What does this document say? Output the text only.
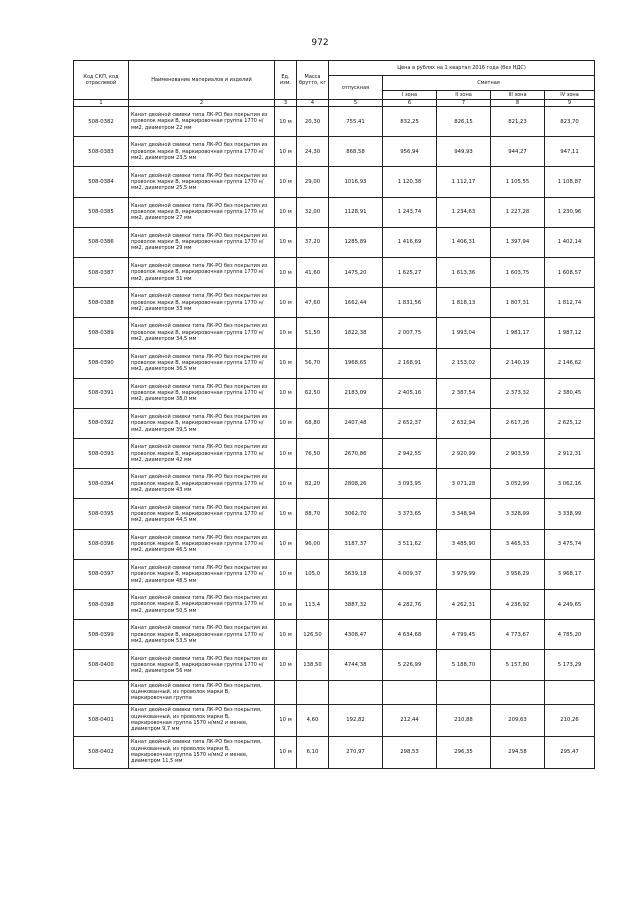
972
Код СКП, код отраслевой	Наименование материалов и изделий	Ед. изм.	Масса брутто, кг	Цена в рублях на 1 квартал 2016 года (без НДС)				
				отпускная	Сметная			
					I зона	II зона	III зона	IV зона
1	2	3	4	5	6	7	8	9
508-0382	Канат двойной свивки типа ЛК-РО без покрытия из проволок марки В, маркировочная группа 1770 н/мм2, диаметром 22 мм	10 м	20,30	755,41	832,25	826,15	821,23	823,70
508-0383	Канат двойной свивки типа ЛК-РО без покрытия из проволок марки В, маркировочная группа 1770 н/мм2, диаметром 23,5 мм	10 м	24,30	868,58	956,94	949,93	944,27	947,11
508-0384	Канат двойной свивки типа ЛК-РО без покрытия из проволок марки В, маркировочная группа 1770 н/мм2, диаметром 25,5 мм	10 м	29,00	1016,93	1 120,38	1 112,17	1 105,55	1 108,87
508-0385	Канат двойной свивки типа ЛК-РО без покрытия из проволок марки В, маркировочная группа 1770 н/мм2, диаметром 27 мм	10 м	32,00	1128,91	1 243,74	1 234,63	1 227,28	1 230,96
508-0386	Канат двойной свивки типа ЛК-РО без покрытия из проволок марки В, маркировочная группа 1770 н/мм2, диаметром 29 мм	10 м	37,20	1285,89	1 416,69	1 406,31	1 397,94	1 402,14
508-0387	Канат двойной свивки типа ЛК-РО без покрытия из проволок марки В, маркировочная группа 1770 н/мм2, диаметром 31 мм	10 м	41,60	1475,20	1 625,27	1 613,36	1 603,75	1 608,57
508-0388	Канат двойной свивки типа ЛК-РО без покрытия из проволок марки В, маркировочная группа 1770 н/мм2, диаметром 33 мм	10 м	47,60	1662,44	1 831,56	1 818,13	1 807,31	1 812,74
508-0389	Канат двойной свивки типа ЛК-РО без покрытия из проволок марки В, маркировочная группа 1770 н/мм2, диаметром 34,5 мм	10 м	51,50	1822,38	2 007,75	1 993,04	1 981,17	1 987,12
508-0390	Канат двойной свивки типа ЛК-РО без покрытия из проволок марки В, маркировочная группа 1770 н/мм2, диаметром 36,5 мм	10 м	56,70	1968,65	2 168,91	2 153,02	2 140,19	2 146,62
508-0391	Канат двойной свивки типа ЛК-РО без покрытия из проволок марки В, маркировочная группа 1770 н/мм2, диаметром 38,0 мм	10 м	62,50	2183,09	2 405,16	2 387,54	2 373,32	2 380,45
508-0392	Канат двойной свивки типа ЛК-РО без покрытия из проволок марки В, маркировочная группа 1770 н/мм2, диаметром 39,5 мм	10 м	68,80	2407,48	2 652,37	2 632,94	2 617,26	2 625,12
508-0393	Канат двойной свивки типа ЛК-РО без покрытия из проволок марки В, маркировочная группа 1770 н/мм2, диаметром 42 мм	10 м	76,50	2670,86	2 942,55	2 920,99	2 903,59	2 912,31
508-0394	Канат двойной свивки типа ЛК-РО без покрытия из проволок марки В, маркировочная группа 1770 н/мм2, диаметром 43 мм	10 м	82,20	2808,26	3 093,95	3 071,28	3 052,99	3 062,16
508-0395	Канат двойной свивки типа ЛК-РО без покрытия из проволок марки В, маркировочная группа 1770 н/мм2, диаметром 44,5 мм	10 м	88,70	3062,70	3 373,65	3 348,94	3 328,99	3 338,99
508-0396	Канат двойной свивки типа ЛК-РО без покрытия из проволок марки В, маркировочная группа 1770 н/мм2, диаметром 46,5 мм	10 м	96,00	3187,37	3 511,62	3 485,90	3 465,33	3 475,74
508-0397	Канат двойной свивки типа ЛК-РО без покрытия из проволок марки В, маркировочная группа 1770 н/мм2, диаметром 48,5 мм	10 м	105,0	3639,18	4 009,37	3 979,99	3 956,29	3 968,17
508-0398	Канат двойной свивки типа ЛК-РО без покрытия из проволок марки В, маркировочная группа 1770 н/мм2, диаметром 50,5 мм	10 м	113,4	3887,32	4 282,76	4 262,31	4 236,92	4 249,65
508-0399	Канат двойной свивки типа ЛК-РО без покрытия из проволок марки В, маркировочная группа 1770 н/мм2, диаметром 53,5 мм	10 м	126,50	4308,47	4 634,68	4 799,45	4 773,67	4 785,20
508-0400	Канат двойной свивки типа ЛК-РО без покрытия из проволок марки В, маркировочная группа 1770 н/мм2, диаметром 56 мм	10 м	138,50	4744,38	5 226,99	5 188,70	5 157,80	5 173,29
	Канат двойной свивки типа ЛК-РО без покрытия, оцинкованный, из проволок марки В, маркировочная группа							
508-0401	Канат двойной свивки типа ЛК-РО без покрытия, оцинкованный, из проволок марки В, маркировочная группа 1570 н/мм2 и менее, диаметром 9,7 мм	10 м	4,60	192,82	212,44	210,88	209,63	210,26
508-0402	Канат двойной свивки типа ЛК-РО без покрытия, оцинкованный, из проволок марки В, маркировочная группа 1570 н/мм2 и менее, диаметром 11,5 мм	10 м	6,10	270,97	298,53	296,35	294,58	295,47
